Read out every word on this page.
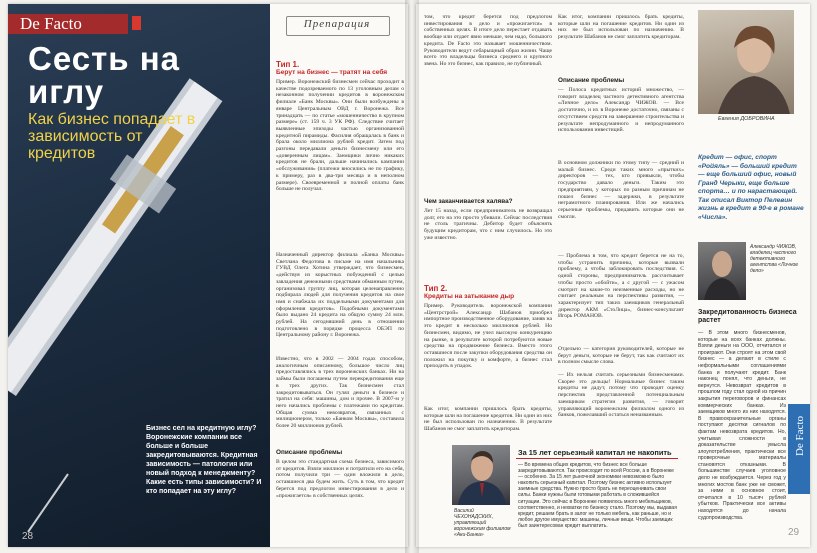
De Facto
Сесть на иглу
Как бизнес попадает в зависимость от кредитов
Бизнес сел на кредитную иглу? Воронежские компании все больше и больше закредитовываются. Кредитная зависимость — патология или новый подход к менеджменту? Какие есть типы зависимости? И кто попадает на эту иглу?
28
Препарация
Тип 1.
Берут на бизнес — тратят на себя
Пример. Воронежский бизнесмен сейчас проходит в качестве подозреваемого по 13 уголовным делам о незаконном получении кредитов в воронежском филиале «Банк Москвы». Они были возбуждены в январе Центральным ОВД г. Воронежа. Все тринадцать — по статье «мошенничество в крупном размере» (ст. 159 ч. 3 УК РФ). Следствие считает выявленные эпизоды частью организованной кредитной пирамиды. Фасилия обращалась в банк и брала около миллиона рублей кредит. Затем под разгоны передавали деньги бизнесмену или его «доверенным лицам». Заемщики лично никаких кредитов не брали, дальше начинались кампании «обслуживания» (платежи вносились не по графику, к примеру, раз в два-три месяца и в неполном размере). Своевременной и полной оплаты банк больше не получал.
Назначенный директор филиала «Банка Москвы» Светлана Федотова в письме на имя начальника ГУВД Олега Хотина утверждает, что бизнесмен, «действуя из корыстных побуждений с целью завладения денежными средствами обманным путем, организовал группу лиц, которая целенаправленно подбирала людей для получения кредитов на свое имя и снабжала их поддельными документами для оформления кредитов». Подобными документами было выдано 24 кредита на общую сумму 24 млн. рублей. На сегодняшний день в отношении подготовлено в порядке процесса ОБЭП по Центральному району г. Воронежа.
Известно, что в 2002 — 2004 годах способом, аналогичным описанному, большое число лиц предоставлялись в трех воронежских банках. Ни на займы были погашены путем перекредитования еще в трех других. Так бизнесмен стал закредитовываться. Он гулял деньги в бизнесе и тратил на себя: машины, дом и прочее. В 2007-м у него начались проблемы с платежами по кредитам. Общая сумма невозвратов, связанных с милиционером, только «Банком Москвы», составила более 20 миллионов рублей.
Описание проблемы
В целом это стандартная схема бизнеса, зависимого от кредитов. Взяли миллион и потратили его на себя, потом получили три — один вложили в дело, оставшиеся два будем жить. Суть в том, что кредит берется под предлогом инвестирования в дело и «прожигается» в собственных целях.
том, что кредит берется под предлогом инвестирования в дело и «прожигается» в собственных целях. В итоге дело перестает отдавать вообще или отдает явно меньше, чем надо, большого кредита. De Facto это называет мошенничеством. Руководители ведут себарыщный образ жизни. Чаще всего это владельцы бизнеса среднего и крупного звена. Но это бизнес, как правило, не публичный.
Чем заканчивается халява?
Лет 15 назад, если предприниматель не возвращал долг, его на это просто убивали. Сейчас последствия не столь трагичны. Дебитор будет объяснять будущим кредиторам, что с ним случилось. Но это уже известно.
Тип 2.
Кредиты на затыкание дыр
Пример. Руководитель воронежской компании «Центрстрой» Александр Шабанов приобрел импортное производственное оборудование, заняв на это кредит в несколько миллионов рублей. Но бизнесмен, видимо, не учел высокую конкуренцию на рынке, в результате которой потребуются новые средства на продвижение бизнеса. Вместо этого оставшиеся после закупки оборудования средства он положил на покупку и комфорте, а бизнес стал приходить в упадок.
Как итог, компании пришлось брать кредиты, которые шли на погашение кредитов. Ни один из них не был использован по назначению. В результате Шабанов не смог заплатить кредиторам.
Описание проблемы
Как итог, компании пришлось брать кредиты, которые шли на погашение кредитов. Ни один из них не был использован по назначению. В результате Шабанов не смог заплатить кредиторам.
— Полоса кредитных историй множество, — говорит владелец частного детективного агентства «Личное дело» Александр ЧИЖОВ. — Все достаточно, и их в Воронеже достаточно, связаны с отсутствием средств на завершение строительства и результате непродуманного и непродуманного использования инвестиций.
В основном должники по этому типу — средний и малый бизнес. Среди таких много «прытких» директоров — тех, кто привыкли, чтобы государство давало деньги. Таким это предприятиям, у которых по разным причинам не пошел бизнес — задержки, в результате неграмотного планирования. Или же начались серьезные проблемы, придавить которые они не смогли.
— Проблема в том, что кредит берется не на то, чтобы устранить причины, которые вызвали проблему, а чтобы заблокировать последствия. С одной стороны, предприниматель рассчитывает чтобы просто «обойти», а с другой — с ужасом смотрит на какие-то неизменные расходы, но не считает реальным на перспективы развития, — характеризует тип таких заемщиков генеральный директор АКМ «СтоЛица», бизнес-консультант Игорь РОМАНОВ.
Отдельно — категория руководителей, которые не берут деньги, которые не берут, так как считают их в полном смысле слова.
— Их нельзя считать серьезными бизнесменами. Скорее это дельцы! Нормальные бизнес таким кредиты не дадут, потому что проводят оценку перспектив представленной потенциальным заемщиком стратегии развития, — говорит управляющий воронежским филиалом одного из банков, пожелавший остаться неназванным.
Евгения ДОБРОВИНА
Кредит — офис, спорт «Ройяль» — больший кредит — еще больший офис, новый Гранд Черыки, еще больше спорта… и по нарастающей. Так описал Виктор Пелевин жизнь в кредит в 90-е в романе «Числа».
Александр ЧИЖОВ, владелец частного детективного агентства «Личное дело»
Закредитованность бизнеса растет
— В этом много бизнесменов, которые на всех банках должны. Взяли деньги на ООО, отчитался и проиграют. Они строят на этом свой бизнес — а делают в стиле с неформальными соглашениями банка и получают кредит. Банк наконец понял, что деньги, не вернутся. Невозврат кредитов в прошлом году стал одной из причин закрытия переговоров и финансах коммерческих банках. Из заемщиков много из них находятся. В правоохранительные органы поступают десятки сигналов по фактам невозврата кредитов. Но, учитывая сложности в доказательстве умысла злоупотребления, практически все проверочные материалы становятся отказными. В большинстве случаев уголовное дело не возбуждается. Через год у многих мостов банк уже не сможет, за ними в основное стоит, отчитался в 10 тысяч рублей убытков. Практически все активы находятся до начала судопроизводства.
De Facto
29
Василий ЧЕХОНАДСКИХ, управляющий воронежским филиалом «Аки-Банка»
За 15 лет серьезный капитал не накопить
— Во времена общих кредитов, что бизнес все больше закредитовываются. Так происходит по всей России, а в Воронеже — особенно. За 15 лет рыночной экономики невозможно было накопить серьезный капитал. Поэтому бизнес активно использует заемные средства. Нужно просто брать не переоценивать свои силы. Банки нужны были готовыми работать в сложившейся ситуации. Это сейчас в Воронеже появилось много мебельщиков, соответственно, и нехватки по бизнесу стало. Поэтому мы, выдавая кредит, решаем брать в залог не только мебель, как раньше, но и любое другое имущество: машины, личные вещи. Чтобы заемщик был заинтересован кредит выплатить.
